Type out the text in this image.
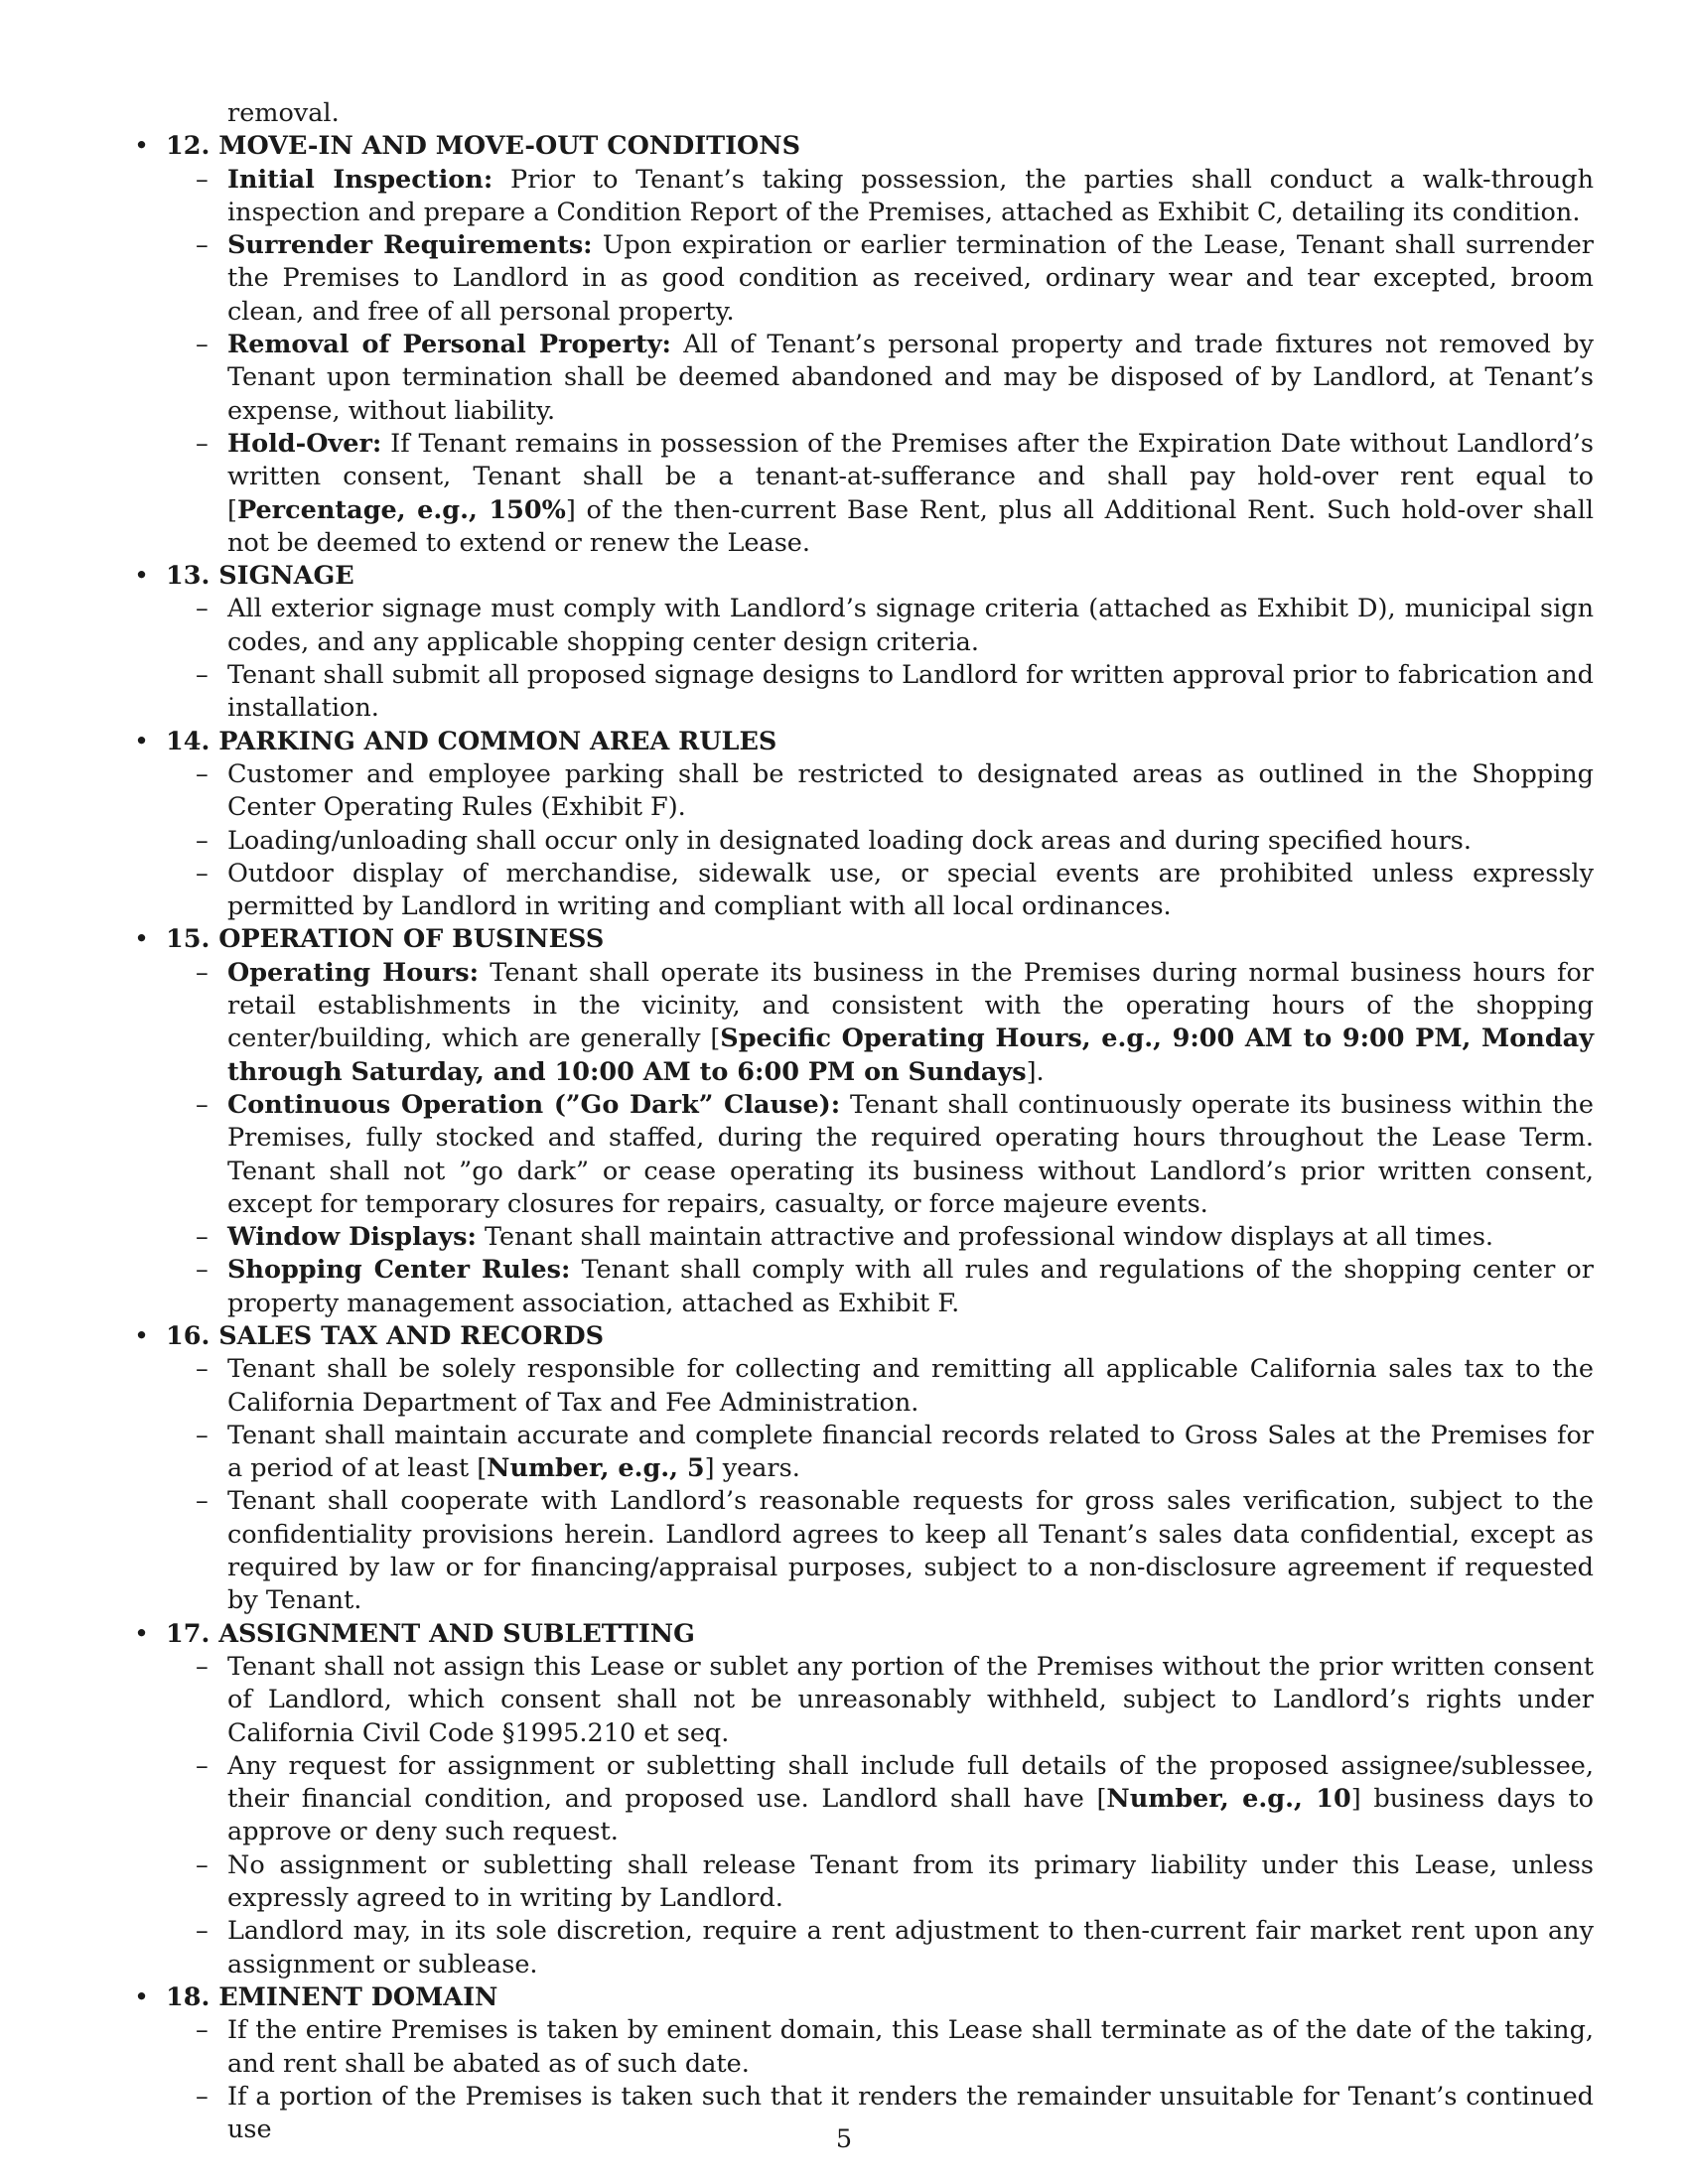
removal.
•
12. MOVE-IN AND MOVE-OUT CONDITIONS
–
Initial Inspection: Prior to Tenant’s taking possession, the parties shall conduct a walk-through inspection and prepare a Condition Report of the Premises, attached as Exhibit C, detailing its condition.
–
Surrender Requirements: Upon expiration or earlier termination of the Lease, Tenant shall surrender the Premises to Landlord in as good condition as received, ordinary wear and tear excepted, broom clean, and free of all personal property.
–
Removal of Personal Property: All of Tenant’s personal property and trade fixtures not removed by Tenant upon termination shall be deemed abandoned and may be disposed of by Landlord, at Tenant’s expense, without liability.
–
Hold-Over: If Tenant remains in possession of the Premises after the Expiration Date without Landlord’s written consent, Tenant shall be a tenant-at-sufferance and shall pay hold-over rent equal to [Percentage, e.g., 150%] of the then-current Base Rent, plus all Additional Rent. Such hold-over shall not be deemed to extend or renew the Lease.
•
13. SIGNAGE
–
All exterior signage must comply with Landlord’s signage criteria (attached as Exhibit D), municipal sign codes, and any applicable shopping center design criteria.
–
Tenant shall submit all proposed signage designs to Landlord for written approval prior to fabrication and installation.
•
14. PARKING AND COMMON AREA RULES
–
Customer and employee parking shall be restricted to designated areas as outlined in the Shopping Center Operating Rules (Exhibit F).
–
Loading/unloading shall occur only in designated loading dock areas and during specified hours.
–
Outdoor display of merchandise, sidewalk use, or special events are prohibited unless expressly permitted by Landlord in writing and compliant with all local ordinances.
•
15. OPERATION OF BUSINESS
–
Operating Hours: Tenant shall operate its business in the Premises during normal business hours for retail establishments in the vicinity, and consistent with the operating hours of the shopping center/building, which are generally [Specific Operating Hours, e.g., 9:00 AM to 9:00 PM, Monday through Saturday, and 10:00 AM to 6:00 PM on Sundays].
–
Continuous Operation (”Go Dark” Clause): Tenant shall continuously operate its business within the Premises, fully stocked and staffed, during the required operating hours throughout the Lease Term. Tenant shall not ”go dark” or cease operating its business without Landlord’s prior written consent, except for temporary closures for repairs, casualty, or force majeure events.
–
Window Displays: Tenant shall maintain attractive and professional window displays at all times.
–
Shopping Center Rules: Tenant shall comply with all rules and regulations of the shopping center or property management association, attached as Exhibit F.
•
16. SALES TAX AND RECORDS
–
Tenant shall be solely responsible for collecting and remitting all applicable California sales tax to the California Department of Tax and Fee Administration.
–
Tenant shall maintain accurate and complete financial records related to Gross Sales at the Premises for a period of at least [Number, e.g., 5] years.
–
Tenant shall cooperate with Landlord’s reasonable requests for gross sales verification, subject to the confidentiality provisions herein. Landlord agrees to keep all Tenant’s sales data confidential, except as required by law or for financing/appraisal purposes, subject to a non-disclosure agreement if requested by Tenant.
•
17. ASSIGNMENT AND SUBLETTING
–
Tenant shall not assign this Lease or sublet any portion of the Premises without the prior written consent of Landlord, which consent shall not be unreasonably withheld, subject to Landlord’s rights under California Civil Code §1995.210 et seq.
–
Any request for assignment or subletting shall include full details of the proposed assignee/sublessee, their financial condition, and proposed use. Landlord shall have [Number, e.g., 10] business days to approve or deny such request.
–
No assignment or subletting shall release Tenant from its primary liability under this Lease, unless expressly agreed to in writing by Landlord.
–
Landlord may, in its sole discretion, require a rent adjustment to then-current fair market rent upon any assignment or sublease.
•
18. EMINENT DOMAIN
–
If the entire Premises is taken by eminent domain, this Lease shall terminate as of the date of the taking, and rent shall be abated as of such date.
–
If a portion of the Premises is taken such that it renders the remainder unsuitable for Tenant’s continued use	5
